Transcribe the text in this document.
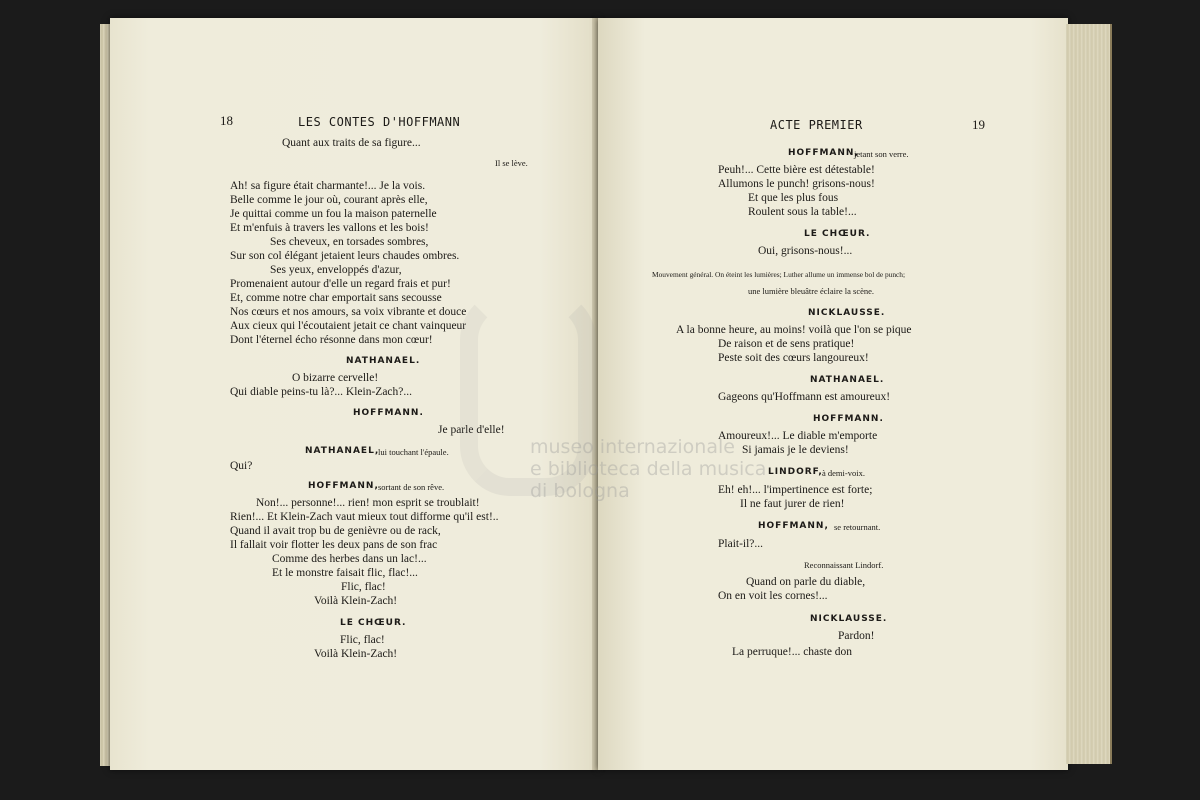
18	LES CONTES D'HOFFMANN
Quant aux traits de sa figure...
Il se lève.
Ah! sa figure était charmante!... Je la vois.
Belle comme le jour où, courant après elle,
Je quittai comme un fou la maison paternelle
Et m'enfuis à travers les vallons et les bois!
Ses cheveux, en torsades sombres,
Sur son col élégant jetaient leurs chaudes ombres.
Ses yeux, enveloppés d'azur,
Promenaient autour d'elle un regard frais et pur!
Et, comme notre char emportait sans secousse
Nos cœurs et nos amours, sa voix vibrante et douce
Aux cieux qui l'écoutaient jetait ce chant vainqueur
Dont l'éternel écho résonne dans mon cœur!
NATHANAEL.
O bizarre cervelle!
Qui diable peins-tu là?... Klein-Zach?...
HOFFMANN.
Je parle d'elle!
NATHANAEL,
lui touchant l'épaule.
Qui?
HOFFMANN, sortant de son rêve.
Non!... personne!... rien! mon esprit se troublait!
Rien!... Et Klein-Zach vaut mieux tout difforme qu'il est!..
Quand il avait trop bu de genièvre ou de rack,
Il fallait voir flotter les deux pans de son frac
Comme des herbes dans un lac!...
Et le monstre faisait flic, flac!...
Flic, flac!
Voilà Klein-Zach!
LE CHŒUR.
Flic, flac!
Voilà Klein-Zach!
ACTE PREMIER	19
HOFFMANN,
jetant son verre.
Peuh!... Cette bière est détestable!
Allumons le punch! grisons-nous!
Et que les plus fous
Roulent sous la table!...
LE CHŒUR.
Oui, grisons-nous!...
Mouvement général. On éteint les lumières; Luther allume un immense bol de punch;
une lumière bleuâtre éclaire la scène.
NICKLAUSSE.
A la bonne heure, au moins! voilà que l'on se pique
De raison et de sens pratique!
Peste soit des cœurs langoureux!
NATHANAEL.
Gageons qu'Hoffmann est amoureux!
HOFFMANN.
Amoureux!... Le diable m'emporte
Si jamais je le deviens!
LINDORF, à demi-voix.
Eh! eh!... l'impertinence est forte;
Il ne faut jurer de rien!
HOFFMANN, se retournant.
Plait-il?...
Reconnaissant Lindorf.
Quand on parle du diable,
On en voit les cornes!...
NICKLAUSSE.
Pardon!
La perruque!... chaste don
museo internazionale
e biblioteca della musica
di bologna
